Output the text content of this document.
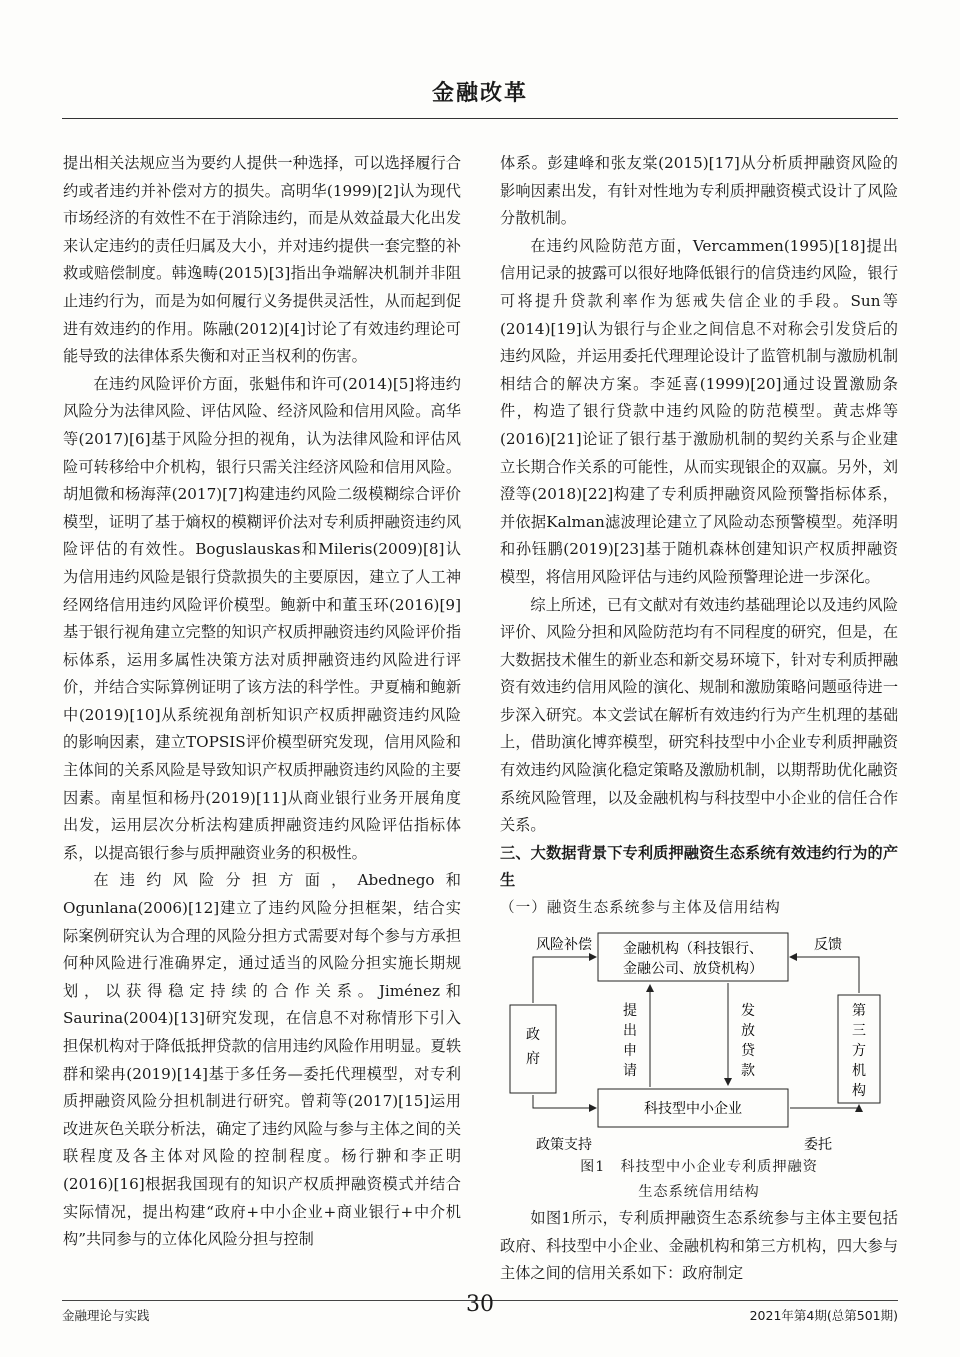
金融改革

提出相关法规应当为要约人提供一种选择，可以选择履行合约或者违约并补偿对方的损失。高明华(1999)[2]认为现代市场经济的有效性不在于消除违约，而是从效益最大化出发来认定违约的责任归属及大小，并对违约提供一套完整的补救或赔偿制度。韩逸畴(2015)[3]指出争端解决机制并非阻止违约行为，而是为如何履行义务提供灵活性，从而起到促进有效违约的作用。陈融(2012)[4]讨论了有效违约理论可能导致的法律体系失衡和对正当权利的伤害。

在违约风险评价方面，张魁伟和许可(2014)[5]将违约风险分为法律风险、评估风险、经济风险和信用风险。高华等(2017)[6]基于风险分担的视角，认为法律风险和评估风险可转移给中介机构，银行只需关注经济风险和信用风险。胡旭微和杨海萍(2017)[7]构建违约风险二级模糊综合评价模型，证明了基于熵权的模糊评价法对专利质押融资违约风险评估的有效性。Boguslauskas和Mileris(2009)[8]认为信用违约风险是银行贷款损失的主要原因，建立了人工神经网络信用违约风险评价模型。鲍新中和董玉环(2016)[9]基于银行视角建立完整的知识产权质押融资违约风险评价指标体系，运用多属性决策方法对质押融资违约风险进行评价，并结合实际算例证明了该方法的科学性。尹夏楠和鲍新中(2019)[10]从系统视角剖析知识产权质押融资违约风险的影响因素，建立TOPSIS评价模型研究发现，信用风险和主体间的关系风险是导致知识产权质押融资违约风险的主要因素。南星恒和杨丹(2019)[11]从商业银行业务开展角度出发，运用层次分析法构建质押融资违约风险评估指标体系，以提高银行参与质押融资业务的积极性。

在违约风险分担方面，Abednego和Ogunlana(2006)[12]建立了违约风险分担框架，结合实际案例研究认为合理的风险分担方式需要对每个参与方承担何种风险进行准确界定，通过适当的风险分担实施长期规划，以获得稳定持续的合作关系。Jiménez和Saurina(2004)[13]研究发现，在信息不对称情形下引入担保机构对于降低抵押贷款的信用违约风险作用明显。夏轶群和梁冉(2019)[14]基于多任务—委托代理模型，对专利质押融资风险分担机制进行研究。曾莉等(2017)[15]运用改进灰色关联分析法，确定了违约风险与参与主体之间的关联程度及各主体对风险的控制程度。杨行翀和李正明(2016)[16]根据我国现有的知识产权质押融资模式并结合实际情况，提出构建“政府+中小企业+商业银行+中介机构”共同参与的立体化风险分担与控制

体系。彭建峰和张友棠(2015)[17]从分析质押融资风险的影响因素出发，有针对性地为专利质押融资模式设计了风险分散机制。

在违约风险防范方面，Vercammen(1995)[18]提出信用记录的披露可以很好地降低银行的信贷违约风险，银行可将提升贷款利率作为惩戒失信企业的手段。Sun等(2014)[19]认为银行与企业之间信息不对称会引发贷后的违约风险，并运用委托代理理论设计了监管机制与激励机制相结合的解决方案。李延喜(1999)[20]通过设置激励条件，构造了银行贷款中违约风险的防范模型。黄志烨等(2016)[21]论证了银行基于激励机制的契约关系与企业建立长期合作关系的可能性，从而实现银企的双赢。另外，刘澄等(2018)[22]构建了专利质押融资风险预警指标体系，并依据Kalman滤波理论建立了风险动态预警模型。苑泽明和孙钰鹏(2019)[23]基于随机森林创建知识产权质押融资模型，将信用风险评估与违约风险预警理论进一步深化。

综上所述，已有文献对有效违约基础理论以及违约风险评价、风险分担和风险防范均有不同程度的研究，但是，在大数据技术催生的新业态和新交易环境下，针对专利质押融资有效违约信用风险的演化、规制和激励策略问题亟待进一步深入研究。本文尝试在解析有效违约行为产生机理的基础上，借助演化博弈模型，研究科技型中小企业专利质押融资有效违约风险演化稳定策略及激励机制，以期帮助优化融资系统风险管理，以及金融机构与科技型中小企业的信任合作关系。

三、大数据背景下专利质押融资生态系统有效违约行为的产生

（一）融资生态系统参与主体及信用结构

金融机构（科技银行、
金融公司、放贷机构）
科技型中小企业
政
府
第
三
方
机
构
提
出
申
请
发
放
贷
款
风险补偿
政策支持	委托
反馈

图1　科技型中小企业专利质押融资

生态系统信用结构

如图1所示，专利质押融资生态系统参与主体主要包括政府、科技型中小企业、金融机构和第三方机构，四大参与主体之间的信用关系如下：政府制定

金融理论与实践	30	2021年第4期(总第501期)
